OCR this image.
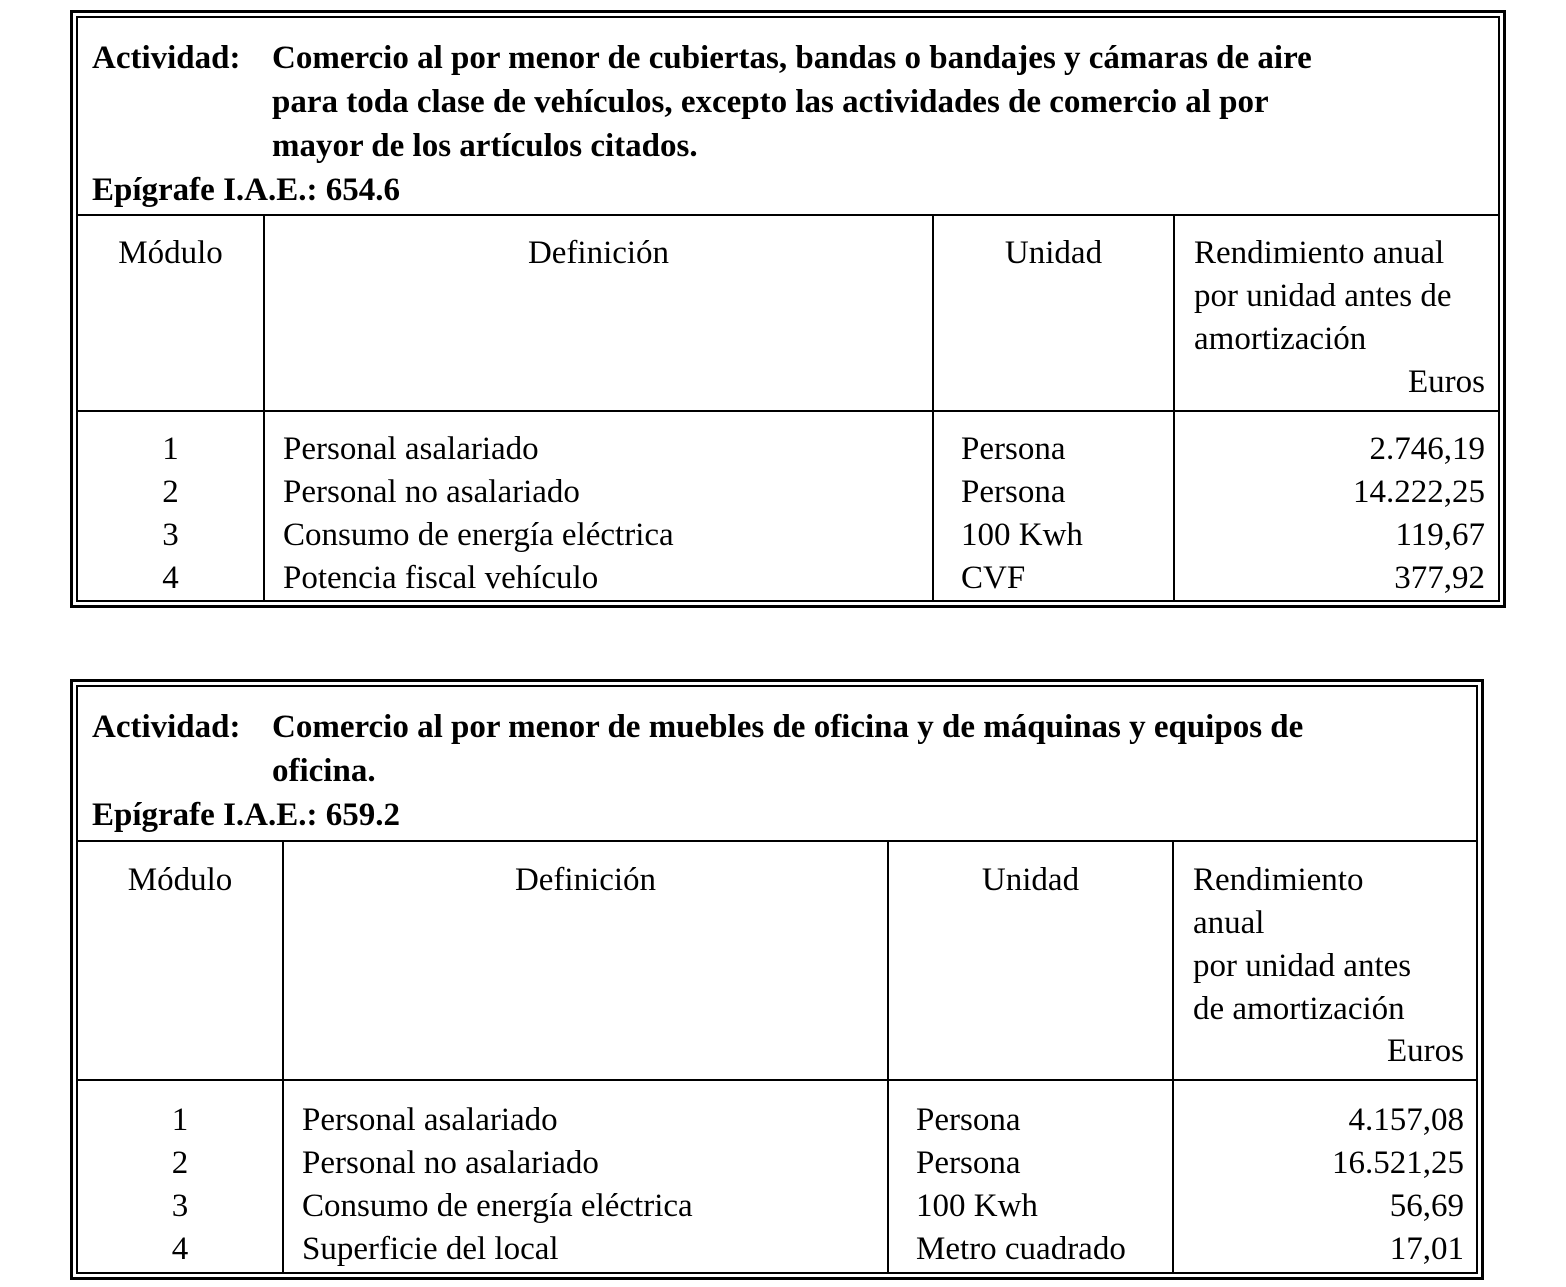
Actividad: Comercio al por menor de cubiertas, bandas o bandajes y cámaras de aire
para toda clase de vehículos, excepto las actividades de comercio al por
mayor de los artículos citados.
Epígrafe I.A.E.: 654.6
Módulo	Definición	Unidad	Rendimiento anual
por unidad antes de
amortización
Euros
1	Personal asalariado	Persona	2.746,19
2	Personal no asalariado	Persona	14.222,25
3	Consumo de energía eléctrica	100 Kwh	119,67
4	Potencia fiscal vehículo	CVF	377,92
Actividad: Comercio al por menor de muebles de oficina y de máquinas y equipos de
oficina.
Epígrafe I.A.E.: 659.2
Módulo	Definición	Unidad	Rendimiento
anual
por unidad antes
de amortización
Euros
1	Personal asalariado	Persona	4.157,08
2	Personal no asalariado	Persona	16.521,25
3	Consumo de energía eléctrica	100 Kwh	56,69
4	Superficie del local	Metro cuadrado	17,01
